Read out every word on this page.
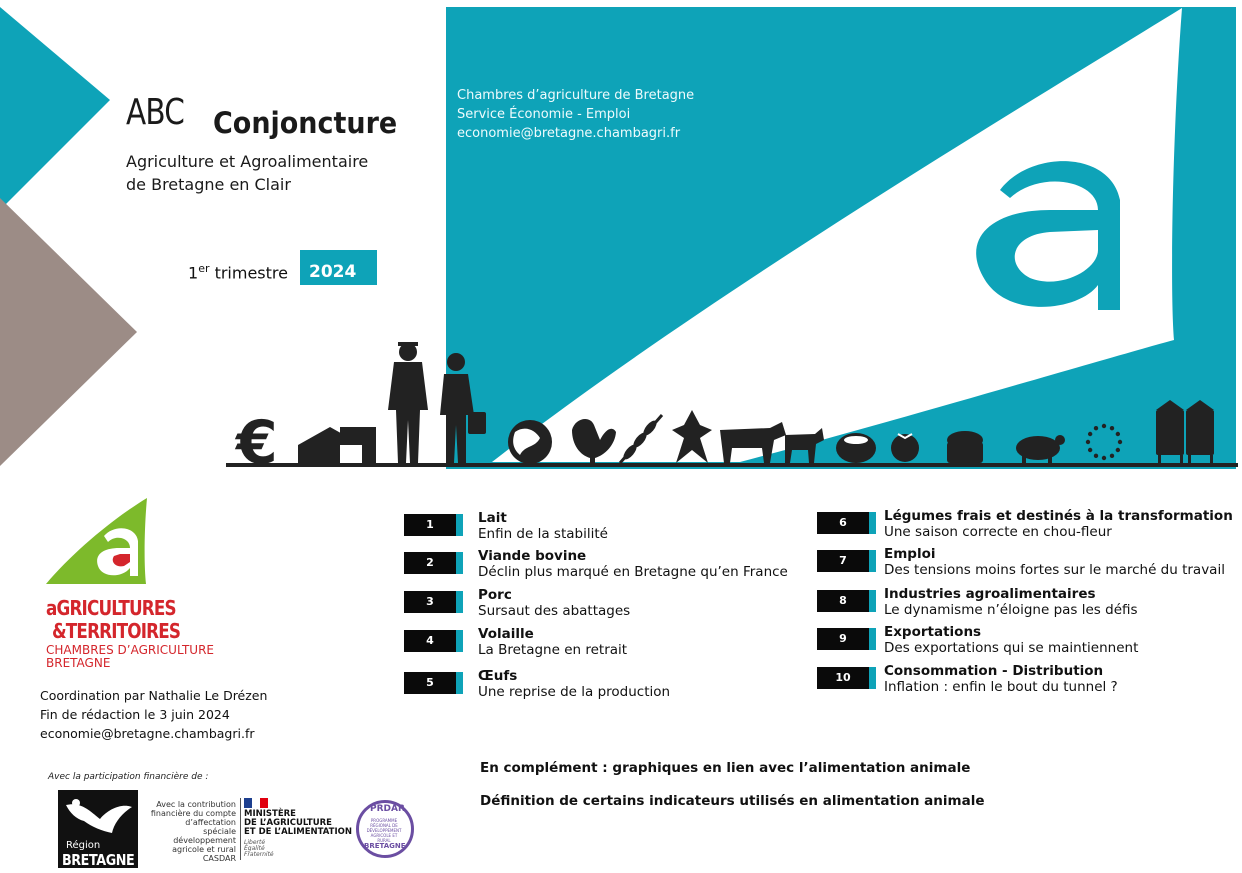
€
ABC Conjoncture
Agriculture et Agroalimentaire
de Bretagne en Clair
1er trimestre 2024
Chambres d’agriculture de Bretagne
Service Économie - Emploi
economie@bretagne.chambagri.fr
aGRICULTURES
&TERRITOIRES
CHAMBRES D’AGRICULTURE
BRETAGNE
Coordination par Nathalie Le Drézen
Fin de rédaction le 3 juin 2024
economie@bretagne.chambagri.fr
Avec la participation financière de :
Région
BRETAGNE
Avec la contribution financière du compte d’affectation spéciale développement agricole et rural CASDAR
MINISTÈRE
DE L’AGRICULTURE
ET DE L’ALIMENTATION
Liberté Égalité Fraternité
PRDAR
PROGRAMME RÉGIONAL DE DÉVELOPPEMENT AGRICOLE ET RURAL
BRETAGNE
1	Lait
Enfin de la stabilité
2	Viande bovine
Déclin plus marqué en Bretagne qu’en France
3	Porc
Sursaut des abattages
4	Volaille
La Bretagne en retrait
5	Œufs
Une reprise de la production
6	Légumes frais et destinés à la transformation
Une saison correcte en chou-fleur
7	Emploi
Des tensions moins fortes sur le marché du travail
8	Industries agroalimentaires
Le dynamisme n’éloigne pas les défis
9	Exportations
Des exportations qui se maintiennent
10	Consommation - Distribution
Inflation : enfin le bout du tunnel ?
En complément : graphiques en lien avec l’alimentation animale
Définition de certains indicateurs utilisés en alimentation animale
